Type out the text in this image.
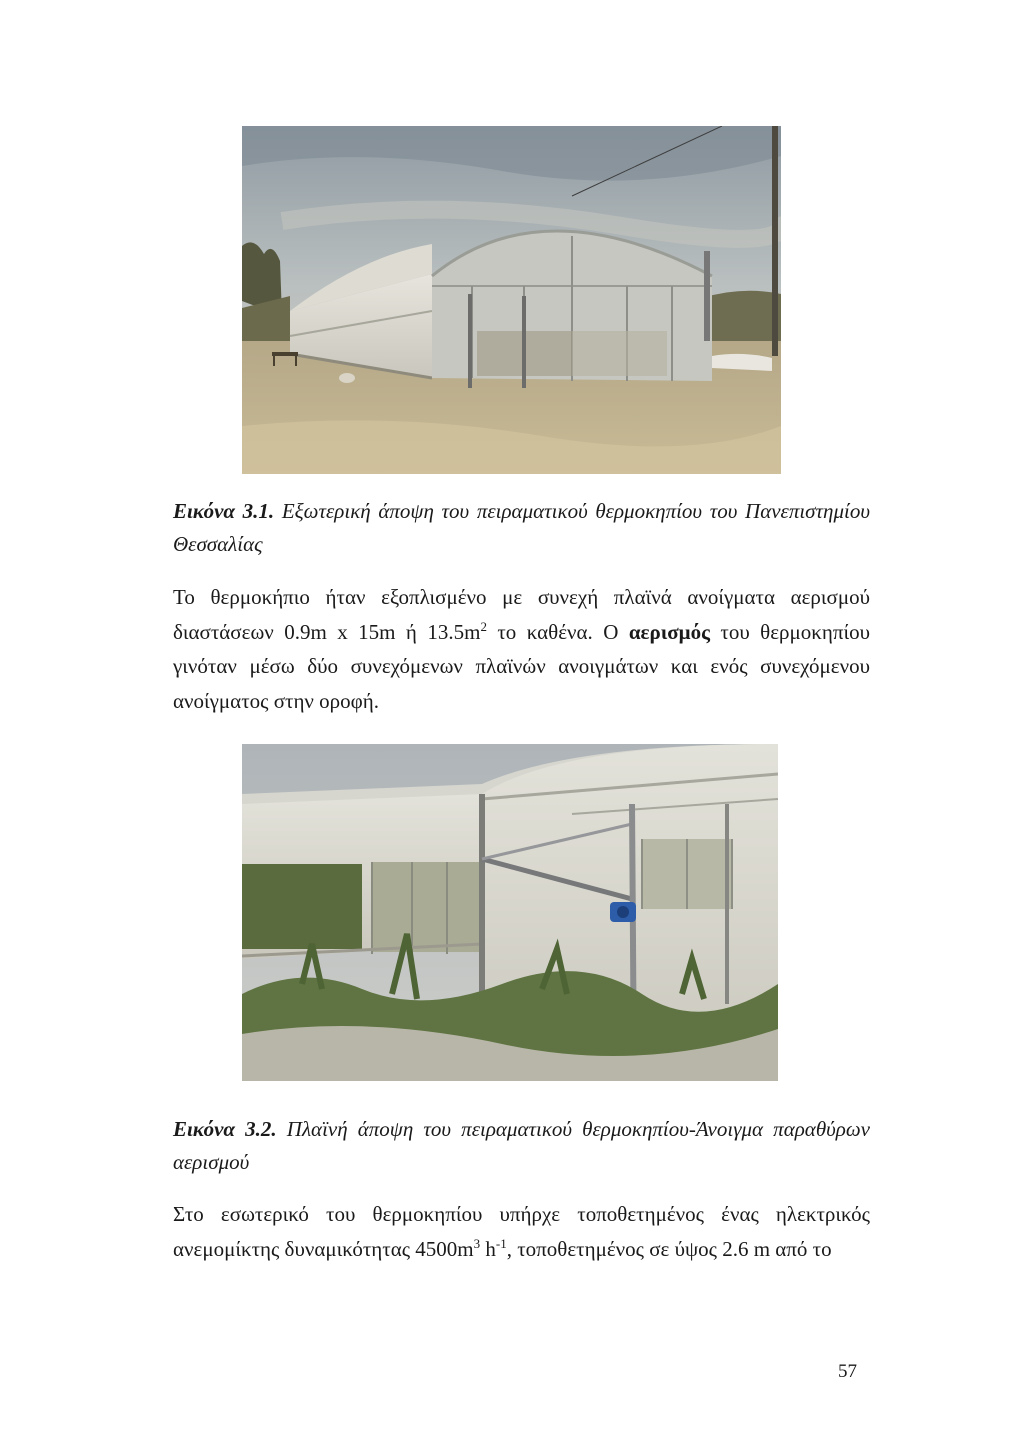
Εικόνα 3.1. Εξωτερική άποψη του πειραματικού θερμοκηπίου του Πανεπιστημίου Θεσσαλίας
Το θερμοκήπιο ήταν εξοπλισμένο με συνεχή πλαϊνά ανοίγματα αερισμού διαστάσεων 0.9m x 15m ή $13.5m^2$ το καθένα. Ο αερισμός του θερμοκηπίου γινόταν μέσω δύο συνεχόμενων πλαϊνών ανοιγμάτων και ενός συνεχόμενου ανοίγματος στην οροφή.
Εικόνα 3.2. Πλαϊνή άποψη του πειραματικού θερμοκηπίου-Άνοιγμα παραθύρων αερισμού
Στο εσωτερικό του θερμοκηπίου υπήρχε τοποθετημένος ένας ηλεκτρικός ανεμομίκτης δυναμικότητας $4500m^3$ $h^{-1}$, τοποθετημένος σε ύψος 2.6 m από το
57
